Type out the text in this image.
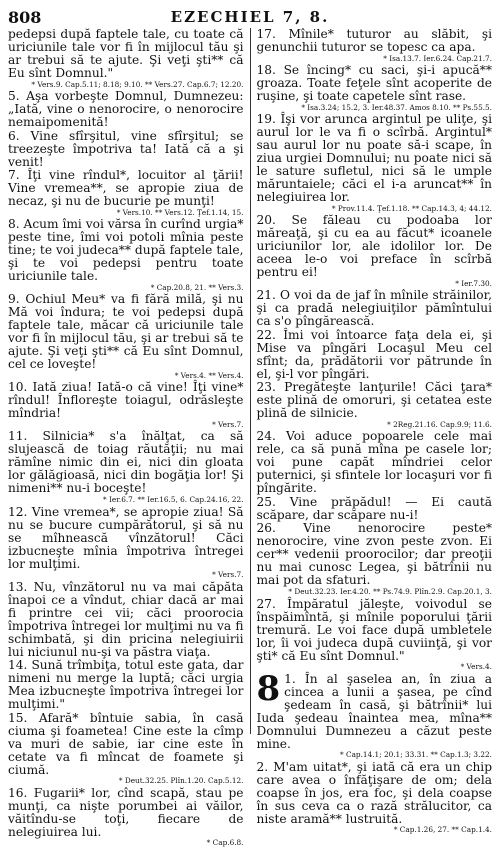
808	EZECHIEL 7, 8.

pedepsi după faptele tale, cu toate că uriciunile tale vor fi în mijlocul tău şi ar trebui să te ajute. Şi veţi şti** că Eu sînt Domnul."

* Vers.9. Cap.5.11; 8.18; 9.10. ** Vers.27. Cap.6.7; 12.20.

5. Aşa vorbeşte Domnul, Dumnezeu: „Iată, vine o nenorocire, o nenorocire nemaipomenită!

6. Vine sfîrşitul, vine sfîrşitul; se treezeşte împotriva ta! Iată că a şi venit!

7. Îţi vine rîndul*, locuitor al ţării! Vine vremea**, se apropie ziua de necaz, şi nu de bucurie pe munţi!

* Vers.10. ** Vers.12. Ţef.1.14, 15.

8. Acum îmi voi vărsa în curînd urgia* peste tine, îmi voi potoli mînia peste tine; te voi judeca** după faptele tale, şi te voi pedepsi pentru toate uriciunile tale.

* Cap.20.8, 21. ** Vers.3.

9. Ochiul Meu* va fi fără milă, şi nu Mă voi îndura; te voi pedepsi după faptele tale, măcar că uriciunile tale vor fi în mijlocul tău, şi ar trebui să te ajute. Şi veţi şti** că Eu sînt Domnul, cel ce loveşte!

* Vers.4. ** Vers.4.

10. Iată ziua! Iată-o că vine! Îţi vine* rîndul! Înfloreşte toiagul, odrăsleşte mîndria!

* Vers.7.

11. Silnicia* s'a înălţat, ca să slujească de toiag răutăţii; nu mai rămîne nimic din ei, nici din gloata lor gălăgioasă, nici din bogăţia lor! Şi nimeni** nu-i boceşte!

* Ier.6.7. ** Ier.16.5, 6. Cap.24.16, 22.

12. Vine vremea*, se apropie ziua! Să nu se bucure cumpărătorul, şi să nu se mîhnească vînzătorul! Căci izbucneşte mînia împotriva întregei lor mulţimi.

* Vers.7.

13. Nu, vînzătorul nu va mai căpăta înapoi ce a vîndut, chiar dacă ar mai fi printre cei vii; căci proorocia împotriva întregei lor mulţimi nu va fi schimbată, şi din pricina nelegiuirii lui niciunul nu-şi va păstra viaţa.

14. Sună trîmbiţa, totul este gata, dar nimeni nu merge la luptă; căci urgia Mea izbucneşte împotriva întregei lor mulţimi."

15. Afară* bîntuie sabia, în casă ciuma şi foametea! Cine este la cîmp va muri de sabie, iar cine este în cetate va fi mîncat de foamete şi ciumă.

* Deut.32.25. Plîn.1.20. Cap.5.12.

16. Fugarii* lor, cînd scapă, stau pe munţi, ca nişte porumbei ai văilor, văitîndu-se toţi, fiecare de nelegiuirea lui.

* Cap.6.8.

17. Mînile* tuturor au slăbit, şi genunchii tuturor se topesc ca apa.

* Isa.13.7. Ier.6.24. Cap.21.7.

18. Se încing* cu saci, şi-i apucă** groaza. Toate feţele sînt acoperite de ruşine, şi toate capetele sînt rase.

* Isa.3.24; 15.2, 3. Ier.48.37. Amos 8.10. ** Ps.55.5.

19. Îşi vor arunca argintul pe uliţe, şi aurul lor le va fi o scîrbă. Argintul* sau aurul lor nu poate să-i scape, în ziua urgiei Domnului; nu poate nici să le sature sufletul, nici să le umple măruntaiele; căci el i-a aruncat** în nelegiuirea lor.

* Prov.11.4. Ţef.1.18. ** Cap.14.3, 4; 44.12.

20. Se făleau cu podoaba lor măreaţă, şi cu ea au făcut* icoanele uriciunilor lor, ale idolilor lor. De aceea le-o voi preface în scîrbă pentru ei!

* Ier.7.30.

21. O voi da de jaf în mînile străinilor, şi ca pradă nelegiuiţilor pămîntului ca s'o pîngărească.

22. Îmi voi întoarce faţa dela ei, şi Mise va pîngări Locaşul Meu cel sfînt; da, prădătorii vor pătrunde în el, şi-l vor pîngări.

23. Pregăteşte lanţurile! Căci ţara* este plină de omoruri, şi cetatea este plină de silnicie.

* 2Reg.21.16. Cap.9.9; 11.6.

24. Voi aduce popoarele cele mai rele, ca să pună mîna pe casele lor; voi pune capăt mîndriei celor puternici, şi sfintele lor locaşuri vor fi pîngărite.

25. Vine prăpădul! — Ei caută scăpare, dar scăpare nu-i!

26. Vine nenorocire peste* nenorocire, vine zvon peste zvon. Ei cer** vedenii proorocilor; dar preoţii nu mai cunosc Legea, şi bătrînii nu mai pot da sfaturi.

* Deut.32.23. Ier.4.20. ** Ps.74.9. Plîn.2.9. Cap.20.1, 3.

27. Împăratul jăleşte, voivodul se înspăimîntă, şi mînile poporului ţării tremură. Le voi face după umbletele lor, îi voi judeca după cuviinţă, şi vor şti* că Eu sînt Domnul."

* Vers.4.
8 1. În al şaselea an, în ziua a cincea a lunii a şasea, pe cînd şedeam în casă, şi bătrînii* lui Iuda şedeau înaintea mea, mîna** Domnului Dumnezeu a căzut peste mine.
* Cap.14.1; 20.1; 33.31. ** Cap.1.3; 3.22.

2. M'am uitat*, şi iată că era un chip care avea o înfăţişare de om; dela coapse în jos, era foc, şi dela coapse în sus ceva ca o rază strălucitor, ca niste aramă** lustruită.

* Cap.1.26, 27. ** Cap.1.4.
